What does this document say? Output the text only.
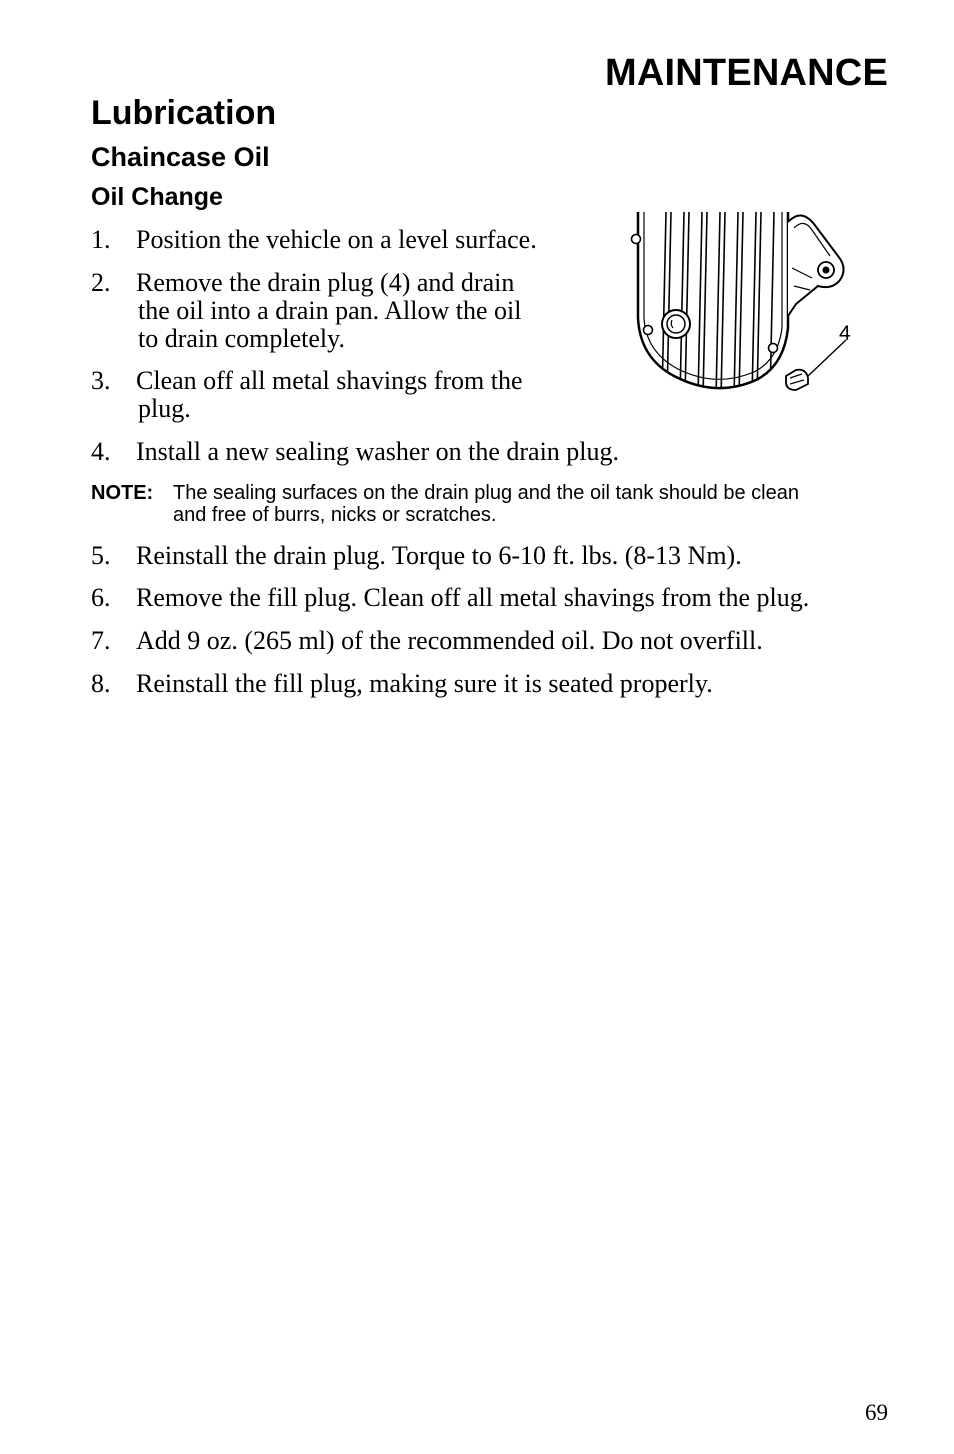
MAINTENANCE
Lubrication
Chaincase Oil
Oil Change
1. Position the vehicle on a level surface.
2. Remove the drain plug (4) and drain
the oil into a drain pan. Allow the oil
to drain completely.
3. Clean off all metal shavings from the
plug.
4. Install a new sealing washer on the drain plug.
NOTE: The sealing surfaces on the drain plug and the oil tank should be clean
and free of burrs, nicks or scratches.
5. Reinstall the drain plug. Torque to 6-10 ft. lbs. (8-13 Nm).
6. Remove the fill plug. Clean off all metal shavings from the plug.
7. Add 9 oz. (265 ml) of the recommended oil. Do not overfill.
8. Reinstall the fill plug, making sure it is seated properly.
4
69
